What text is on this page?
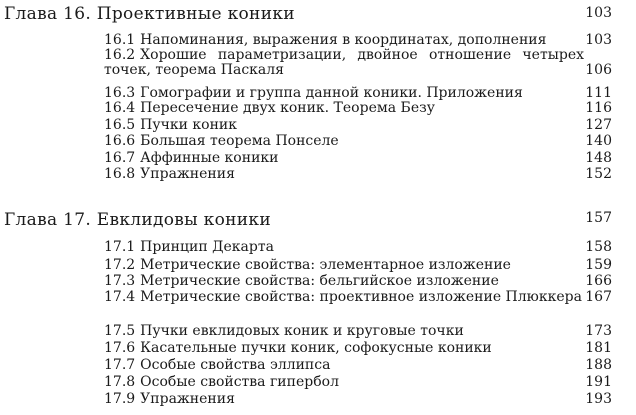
Глава 16. Проективные коники	103
16.1 Напоминания, выражения в координатах, дополнения	103
16.2 Хорошие параметризации, двойное отношение четырех точек, теорема Паскаля	106
16.3 Гомографии и группа данной коники. Приложения	111
16.4 Пересечение двух коник. Теорема Безу	116
16.5 Пучки коник	127
16.6 Большая теорема Понселе	140
16.7 Аффинные коники	148
16.8 Упражнения	152
Глава 17. Евклидовы коники	157
17.1 Принцип Декарта	158
17.2 Метрические свойства: элементарное изложение	159
17.3 Метрические свойства: бельгийское изложение	166
17.4 Метрические свойства: проективное изложение Плюккера 167
17.5 Пучки евклидовых коник и круговые точки	173
17.6 Касательные пучки коник, софокусные коники	181
17.7 Особые свойства эллипса	188
17.8 Особые свойства гипербол	191
17.9 Упражнения	193
